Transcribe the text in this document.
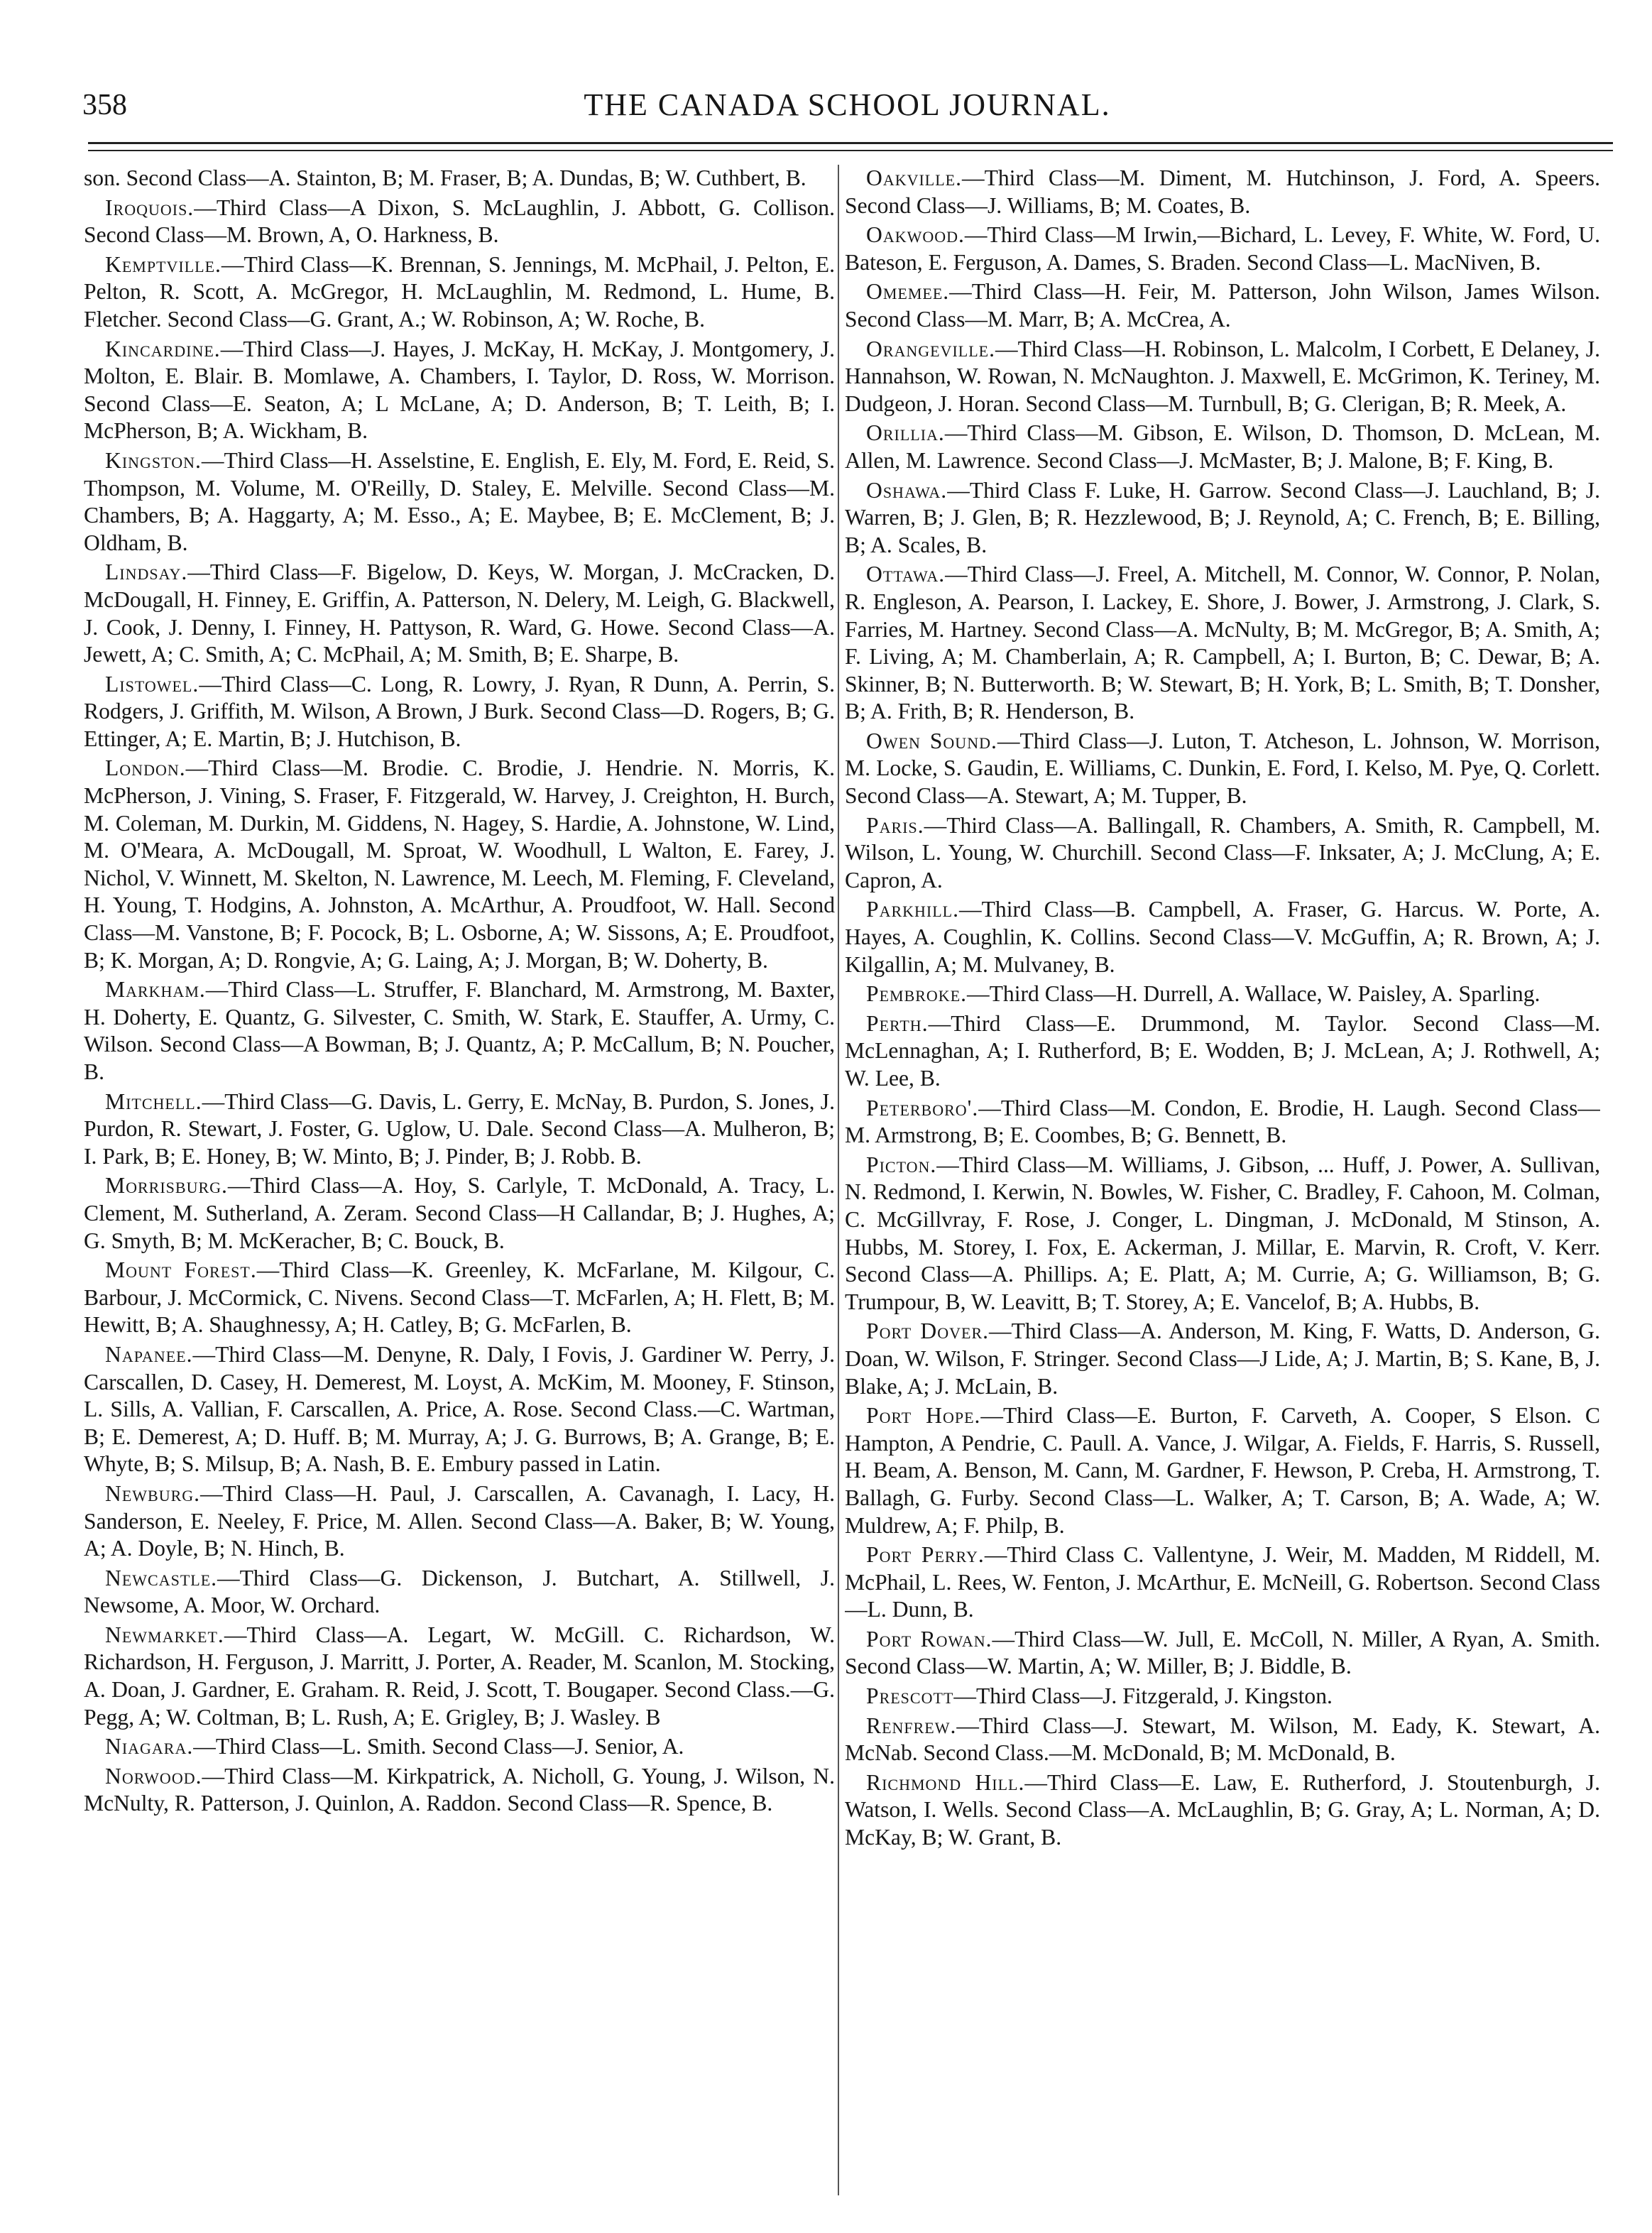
358	THE CANADA SCHOOL JOURNAL.

son. Second Class—A. Stainton, B; M. Fraser, B; A. Dundas, B; W. Cuthbert, B.

Iroquois.—Third Class—A Dixon, S. McLaughlin, J. Abbott, G. Collison. Second Class—M. Brown, A, O. Harkness, B.

Kemptville.—Third Class—K. Brennan, S. Jennings, M. McPhail, J. Pelton, E. Pelton, R. Scott, A. McGregor, H. McLaughlin, M. Redmond, L. Hume, B. Fletcher. Second Class—G. Grant, A.; W. Robinson, A; W. Roche, B.

Kincardine.—Third Class—J. Hayes, J. McKay, H. McKay, J. Montgomery, J. Molton, E. Blair. B. Momlawe, A. Chambers, I. Taylor, D. Ross, W. Morrison. Second Class—E. Seaton, A; L McLane, A; D. Anderson, B; T. Leith, B; I. McPherson, B; A. Wickham, B.

Kingston.—Third Class—H. Asselstine, E. English, E. Ely, M. Ford, E. Reid, S. Thompson, M. Volume, M. O'Reilly, D. Staley, E. Melville. Second Class—M. Chambers, B; A. Haggarty, A; M. Esso., A; E. Maybee, B; E. McClement, B; J. Oldham, B.

Lindsay.—Third Class—F. Bigelow, D. Keys, W. Morgan, J. McCracken, D. McDougall, H. Finney, E. Griffin, A. Patterson, N. Delery, M. Leigh, G. Blackwell, J. Cook, J. Denny, I. Finney, H. Pattyson, R. Ward, G. Howe. Second Class—A. Jewett, A; C. Smith, A; C. McPhail, A; M. Smith, B; E. Sharpe, B.

Listowel.—Third Class—C. Long, R. Lowry, J. Ryan, R Dunn, A. Perrin, S. Rodgers, J. Griffith, M. Wilson, A Brown, J Burk. Second Class—D. Rogers, B; G. Ettinger, A; E. Martin, B; J. Hutchison, B.

London.—Third Class—M. Brodie. C. Brodie, J. Hendrie. N. Morris, K. McPherson, J. Vining, S. Fraser, F. Fitzgerald, W. Harvey, J. Creighton, H. Burch, M. Coleman, M. Durkin, M. Giddens, N. Hagey, S. Hardie, A. Johnstone, W. Lind, M. O'Meara, A. McDougall, M. Sproat, W. Woodhull, L Walton, E. Farey, J. Nichol, V. Winnett, M. Skelton, N. Lawrence, M. Leech, M. Fleming, F. Cleveland, H. Young, T. Hodgins, A. Johnston, A. McArthur, A. Proudfoot, W. Hall. Second Class—M. Vanstone, B; F. Pocock, B; L. Osborne, A; W. Sissons, A; E. Proudfoot, B; K. Morgan, A; D. Rongvie, A; G. Laing, A; J. Morgan, B; W. Doherty, B.

Markham.—Third Class—L. Struffer, F. Blanchard, M. Armstrong, M. Baxter, H. Doherty, E. Quantz, G. Silvester, C. Smith, W. Stark, E. Stauffer, A. Urmy, C. Wilson. Second Class—A Bowman, B; J. Quantz, A; P. McCallum, B; N. Poucher, B.

Mitchell.—Third Class—G. Davis, L. Gerry, E. McNay, B. Purdon, S. Jones, J. Purdon, R. Stewart, J. Foster, G. Uglow, U. Dale. Second Class—A. Mulheron, B; I. Park, B; E. Honey, B; W. Minto, B; J. Pinder, B; J. Robb. B.

Morrisburg.—Third Class—A. Hoy, S. Carlyle, T. McDonald, A. Tracy, L. Clement, M. Sutherland, A. Zeram. Second Class—H Callandar, B; J. Hughes, A; G. Smyth, B; M. McKeracher, B; C. Bouck, B.

Mount Forest.—Third Class—K. Greenley, K. McFarlane, M. Kilgour, C. Barbour, J. McCormick, C. Nivens. Second Class—T. McFarlen, A; H. Flett, B; M. Hewitt, B; A. Shaughnessy, A; H. Catley, B; G. McFarlen, B.

Napanee.—Third Class—M. Denyne, R. Daly, I Fovis, J. Gardiner W. Perry, J. Carscallen, D. Casey, H. Demerest, M. Loyst, A. McKim, M. Mooney, F. Stinson, L. Sills, A. Vallian, F. Carscallen, A. Price, A. Rose. Second Class.—C. Wartman, B; E. Demerest, A; D. Huff. B; M. Murray, A; J. G. Burrows, B; A. Grange, B; E. Whyte, B; S. Milsup, B; A. Nash, B. E. Embury passed in Latin.

Newburg.—Third Class—H. Paul, J. Carscallen, A. Cavanagh, I. Lacy, H. Sanderson, E. Neeley, F. Price, M. Allen. Second Class—A. Baker, B; W. Young, A; A. Doyle, B; N. Hinch, B.

Newcastle.—Third Class—G. Dickenson, J. Butchart, A. Stillwell, J. Newsome, A. Moor, W. Orchard.

Newmarket.—Third Class—A. Legart, W. McGill. C. Richardson, W. Richardson, H. Ferguson, J. Marritt, J. Porter, A. Reader, M. Scanlon, M. Stocking, A. Doan, J. Gardner, E. Graham. R. Reid, J. Scott, T. Bougaper. Second Class.—G. Pegg, A; W. Coltman, B; L. Rush, A; E. Grigley, B; J. Wasley. B

Niagara.—Third Class—L. Smith. Second Class—J. Senior, A.

Norwood.—Third Class—M. Kirkpatrick, A. Nicholl, G. Young, J. Wilson, N. McNulty, R. Patterson, J. Quinlon, A. Raddon. Second Class—R. Spence, B.

Oakville.—Third Class—M. Diment, M. Hutchinson, J. Ford, A. Speers. Second Class—J. Williams, B; M. Coates, B.

Oakwood.—Third Class—M Irwin,—Bichard, L. Levey, F. White, W. Ford, U. Bateson, E. Ferguson, A. Dames, S. Braden. Second Class—L. MacNiven, B.

Omemee.—Third Class—H. Feir, M. Patterson, John Wilson, James Wilson. Second Class—M. Marr, B; A. McCrea, A.

Orangeville.—Third Class—H. Robinson, L. Malcolm, I Corbett, E Delaney, J. Hannahson, W. Rowan, N. McNaughton. J. Maxwell, E. McGrimon, K. Teriney, M. Dudgeon, J. Horan. Second Class—M. Turnbull, B; G. Clerigan, B; R. Meek, A.

Orillia.—Third Class—M. Gibson, E. Wilson, D. Thomson, D. McLean, M. Allen, M. Lawrence. Second Class—J. McMaster, B; J. Malone, B; F. King, B.

Oshawa.—Third Class F. Luke, H. Garrow. Second Class—J. Lauchland, B; J. Warren, B; J. Glen, B; R. Hezzlewood, B; J. Reynold, A; C. French, B; E. Billing, B; A. Scales, B.

Ottawa.—Third Class—J. Freel, A. Mitchell, M. Connor, W. Connor, P. Nolan, R. Engleson, A. Pearson, I. Lackey, E. Shore, J. Bower, J. Armstrong, J. Clark, S. Farries, M. Hartney. Second Class—A. McNulty, B; M. McGregor, B; A. Smith, A; F. Living, A; M. Chamberlain, A; R. Campbell, A; I. Burton, B; C. Dewar, B; A. Skinner, B; N. Butterworth. B; W. Stewart, B; H. York, B; L. Smith, B; T. Donsher, B; A. Frith, B; R. Henderson, B.

Owen Sound.—Third Class—J. Luton, T. Atcheson, L. Johnson, W. Morrison, M. Locke, S. Gaudin, E. Williams, C. Dunkin, E. Ford, I. Kelso, M. Pye, Q. Corlett. Second Class—A. Stewart, A; M. Tupper, B.

Paris.—Third Class—A. Ballingall, R. Chambers, A. Smith, R. Campbell, M. Wilson, L. Young, W. Churchill. Second Class—F. Inksater, A; J. McClung, A; E. Capron, A.

Parkhill.—Third Class—B. Campbell, A. Fraser, G. Harcus. W. Porte, A. Hayes, A. Coughlin, K. Collins. Second Class—V. McGuffin, A; R. Brown, A; J. Kilgallin, A; M. Mulvaney, B.

Pembroke.—Third Class—H. Durrell, A. Wallace, W. Paisley, A. Sparling.

Perth.—Third Class—E. Drummond, M. Taylor. Second Class—M. McLennaghan, A; I. Rutherford, B; E. Wodden, B; J. McLean, A; J. Rothwell, A; W. Lee, B.

Peterboro'.—Third Class—M. Condon, E. Brodie, H. Laugh. Second Class—M. Armstrong, B; E. Coombes, B; G. Bennett, B.

Picton.—Third Class—M. Williams, J. Gibson, ... Huff, J. Power, A. Sullivan, N. Redmond, I. Kerwin, N. Bowles, W. Fisher, C. Bradley, F. Cahoon, M. Colman, C. McGillvray, F. Rose, J. Conger, L. Dingman, J. McDonald, M Stinson, A. Hubbs, M. Storey, I. Fox, E. Ackerman, J. Millar, E. Marvin, R. Croft, V. Kerr. Second Class—A. Phillips. A; E. Platt, A; M. Currie, A; G. Williamson, B; G. Trumpour, B, W. Leavitt, B; T. Storey, A; E. Vancelof, B; A. Hubbs, B.

Port Dover.—Third Class—A. Anderson, M. King, F. Watts, D. Anderson, G. Doan, W. Wilson, F. Stringer. Second Class—J Lide, A; J. Martin, B; S. Kane, B, J. Blake, A; J. McLain, B.

Port Hope.—Third Class—E. Burton, F. Carveth, A. Cooper, S Elson. C Hampton, A Pendrie, C. Paull. A. Vance, J. Wilgar, A. Fields, F. Harris, S. Russell, H. Beam, A. Benson, M. Cann, M. Gardner, F. Hewson, P. Creba, H. Armstrong, T. Ballagh, G. Furby. Second Class—L. Walker, A; T. Carson, B; A. Wade, A; W. Muldrew, A; F. Philp, B.

Port Perry.—Third Class C. Vallentyne, J. Weir, M. Madden, M Riddell, M. McPhail, L. Rees, W. Fenton, J. McArthur, E. McNeill, G. Robertson. Second Class—L. Dunn, B.

Port Rowan.—Third Class—W. Jull, E. McColl, N. Miller, A Ryan, A. Smith. Second Class—W. Martin, A; W. Miller, B; J. Biddle, B.

Prescott—Third Class—J. Fitzgerald, J. Kingston.

Renfrew.—Third Class—J. Stewart, M. Wilson, M. Eady, K. Stewart, A. McNab. Second Class.—M. McDonald, B; M. McDonald, B.

Richmond Hill.—Third Class—E. Law, E. Rutherford, J. Stoutenburgh, J. Watson, I. Wells. Second Class—A. McLaughlin, B; G. Gray, A; L. Norman, A; D. McKay, B; W. Grant, B.
